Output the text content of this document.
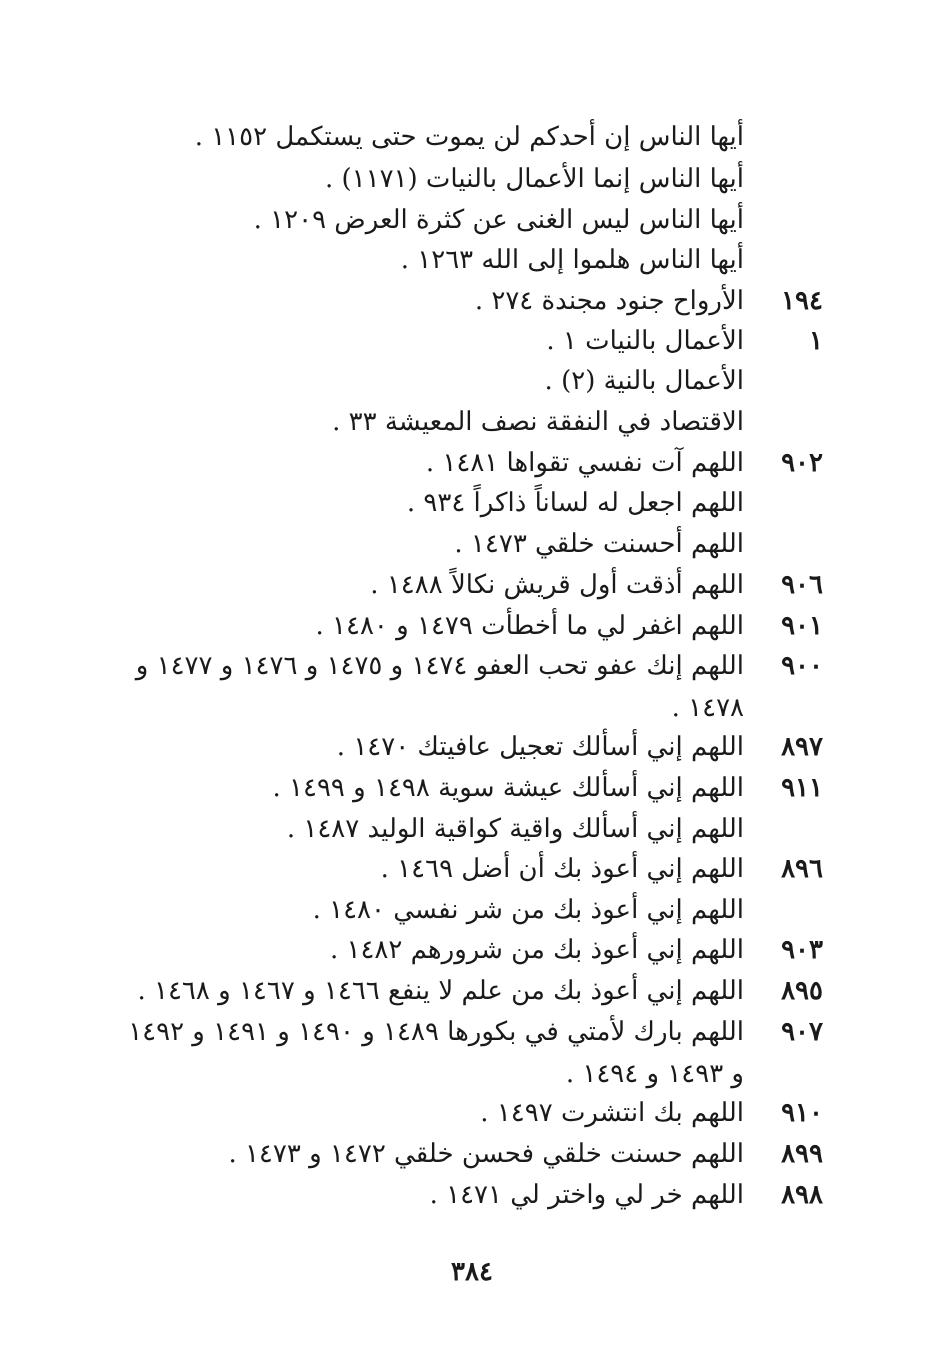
أيها الناس إن أحدكم لن يموت حتى يستكمل ١١٥٢ .
أيها الناس إنما الأعمال بالنيات (١١٧١) .
أيها الناس ليس الغنى عن كثرة العرض ١٢٠٩ .
أيها الناس هلموا إلى الله ١٢٦٣ .
١٩٤
الأرواح جنود مجندة ٢٧٤ .
١
الأعمال بالنيات ١ .
الأعمال بالنية (٢) .
الاقتصاد في النفقة نصف المعيشة ٣٣ .
٩٠٢
اللهم آت نفسي تقواها ١٤٨١ .
اللهم اجعل له لساناً ذاكراً ٩٣٤ .
اللهم أحسنت خلقي ١٤٧٣ .
٩٠٦
اللهم أذقت أول قريش نكالاً ١٤٨٨ .
٩٠١
اللهم اغفر لي ما أخطأت ١٤٧٩ و ١٤٨٠ .
٩٠٠
اللهم إنك عفو تحب العفو ١٤٧٤ و ١٤٧٥ و ١٤٧٦ و ١٤٧٧ و ١٤٧٨ .
٨٩٧
اللهم إني أسألك تعجيل عافيتك ١٤٧٠ .
٩١١
اللهم إني أسألك عيشة سوية ١٤٩٨ و ١٤٩٩ .
اللهم إني أسألك واقية كواقية الوليد ١٤٨٧ .
٨٩٦
اللهم إني أعوذ بك أن أضل ١٤٦٩ .
اللهم إني أعوذ بك من شر نفسي ١٤٨٠ .
٩٠٣
اللهم إني أعوذ بك من شرورهم ١٤٨٢ .
٨٩٥
اللهم إني أعوذ بك من علم لا ينفع ١٤٦٦ و ١٤٦٧ و ١٤٦٨ .
٩٠٧
اللهم بارك لأمتي في بكورها ١٤٨٩ و ١٤٩٠ و ١٤٩١ و ١٤٩٢ و ١٤٩٣ و ١٤٩٤ .
٩١٠
اللهم بك انتشرت ١٤٩٧ .
٨٩٩
اللهم حسنت خلقي فحسن خلقي ١٤٧٢ و ١٤٧٣ .
٨٩٨
اللهم خر لي واختر لي ١٤٧١ .
٣٨٤
